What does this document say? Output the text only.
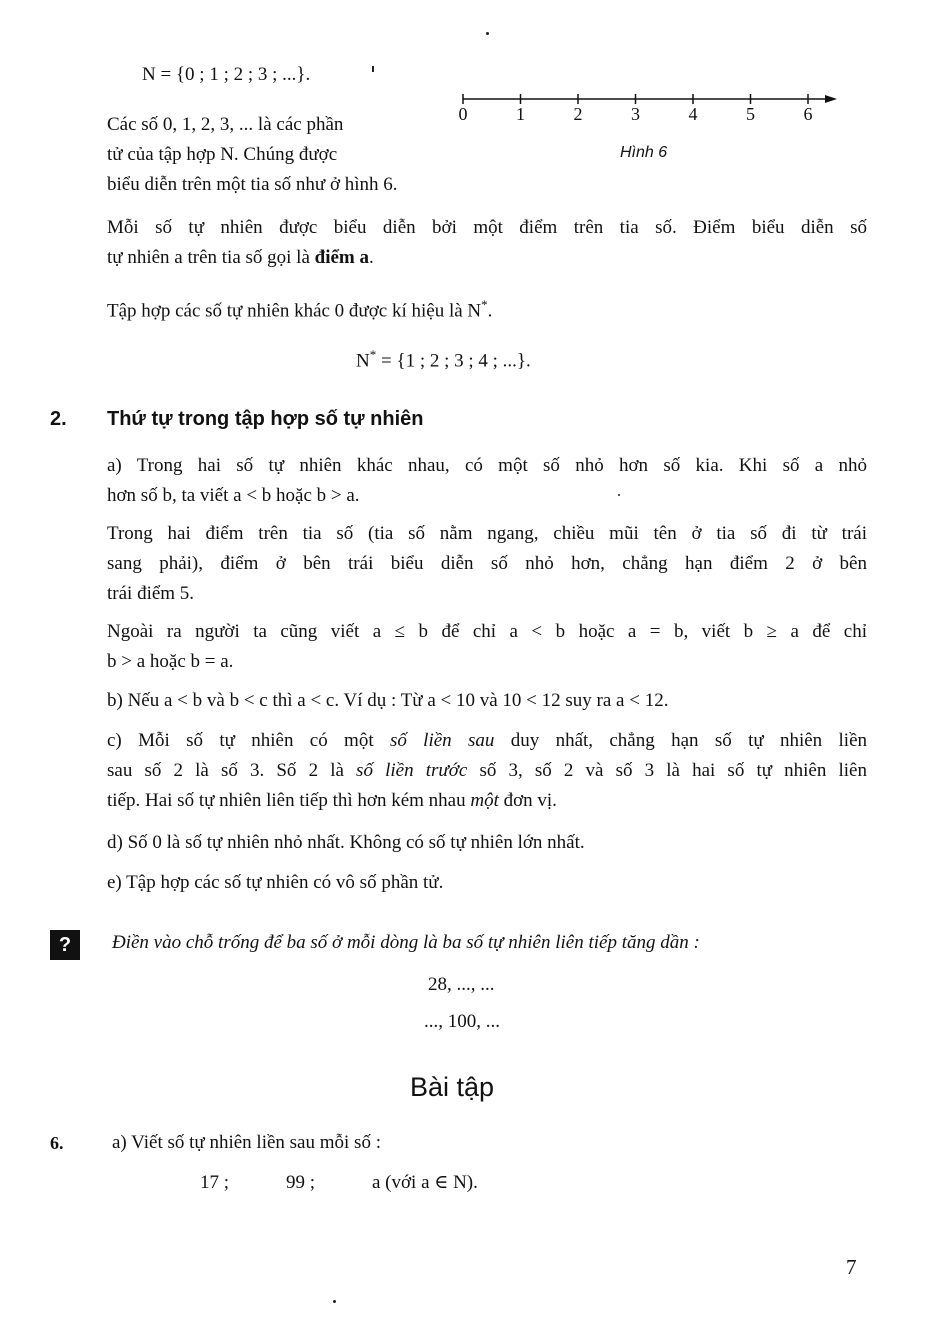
N = {0 ; 1 ; 2 ; 3 ; ...}.
Các số 0, 1, 2, 3, ... là các phần
tử của tập hợp N. Chúng được
biểu diễn trên một tia số như ở hình 6.
0	1	2	3	4	5	6
Hình 6
Mỗi số tự nhiên được biểu diễn bởi một điểm trên tia số. Điểm biểu diễn số
tự nhiên a trên tia số gọi là điểm a.
Tập hợp các số tự nhiên khác 0 được kí hiệu là N*.
N* = {1 ; 2 ; 3 ; 4 ; ...}.
2. Thứ tự trong tập hợp số tự nhiên
a) Trong hai số tự nhiên khác nhau, có một số nhỏ hơn số kia. Khi số a nhỏ
hơn số b, ta viết a < b hoặc b > a.
Trong hai điểm trên tia số (tia số nằm ngang, chiều mũi tên ở tia số đi từ trái
sang phải), điểm ở bên trái biểu diễn số nhỏ hơn, chẳng hạn điểm 2 ở bên
trái điểm 5.
Ngoài ra người ta cũng viết a ≤ b để chỉ a < b hoặc a = b, viết b ≥ a để chỉ
b > a hoặc b = a.
b) Nếu a < b và b < c thì a < c. Ví dụ : Từ a < 10 và 10 < 12 suy ra a < 12.
c) Mỗi số tự nhiên có một số liền sau duy nhất, chẳng hạn số tự nhiên liền
sau số 2 là số 3. Số 2 là số liền trước số 3, số 2 và số 3 là hai số tự nhiên liên
tiếp. Hai số tự nhiên liên tiếp thì hơn kém nhau một đơn vị.
d) Số 0 là số tự nhiên nhỏ nhất. Không có số tự nhiên lớn nhất.
e) Tập hợp các số tự nhiên có vô số phần tử.
?	Điền vào chỗ trống để ba số ở mỗi dòng là ba số tự nhiên liên tiếp tăng dần :
28, ..., ...
..., 100, ...
Bài tập
6.	a) Viết số tự nhiên liền sau mỗi số :
17 ;	99 ;	a (với a ∈ N).
7
